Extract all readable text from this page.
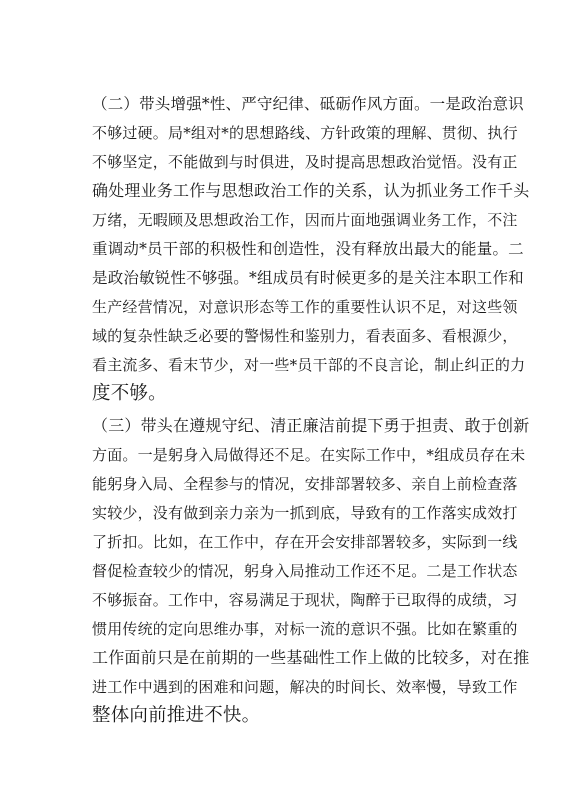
（二）带头增强*性、严守纪律、砥砺作风方面。一是政治意识
不够过硬。局*组对*的思想路线、方针政策的理解、贯彻、执行
不够坚定，不能做到与时俱进，及时提高思想政治觉悟。没有正
确处理业务工作与思想政治工作的关系，认为抓业务工作千头
万绪，无暇顾及思想政治工作，因而片面地强调业务工作，不注
重调动*员干部的积极性和创造性，没有释放出最大的能量。二
是政治敏锐性不够强。*组成员有时候更多的是关注本职工作和
生产经营情况，对意识形态等工作的重要性认识不足，对这些领
域的复杂性缺乏必要的警惕性和鉴别力，看表面多、看根源少，
看主流多、看末节少，对一些*员干部的不良言论，制止纠正的力
度不够。
（三）带头在遵规守纪、清正廉洁前提下勇于担责、敢于创新
方面。一是躬身入局做得还不足。在实际工作中，*组成员存在未
能躬身入局、全程参与的情况，安排部署较多、亲自上前检查落
实较少，没有做到亲力亲为一抓到底，导致有的工作落实成效打
了折扣。比如，在工作中，存在开会安排部署较多，实际到一线
督促检查较少的情况，躬身入局推动工作还不足。二是工作状态
不够振奋。工作中，容易满足于现状，陶醉于已取得的成绩，习
惯用传统的定向思维办事，对标一流的意识不强。比如在繁重的
工作面前只是在前期的一些基础性工作上做的比较多，对在推
进工作中遇到的困难和问题，解决的时间长、效率慢，导致工作
整体向前推进不快。
